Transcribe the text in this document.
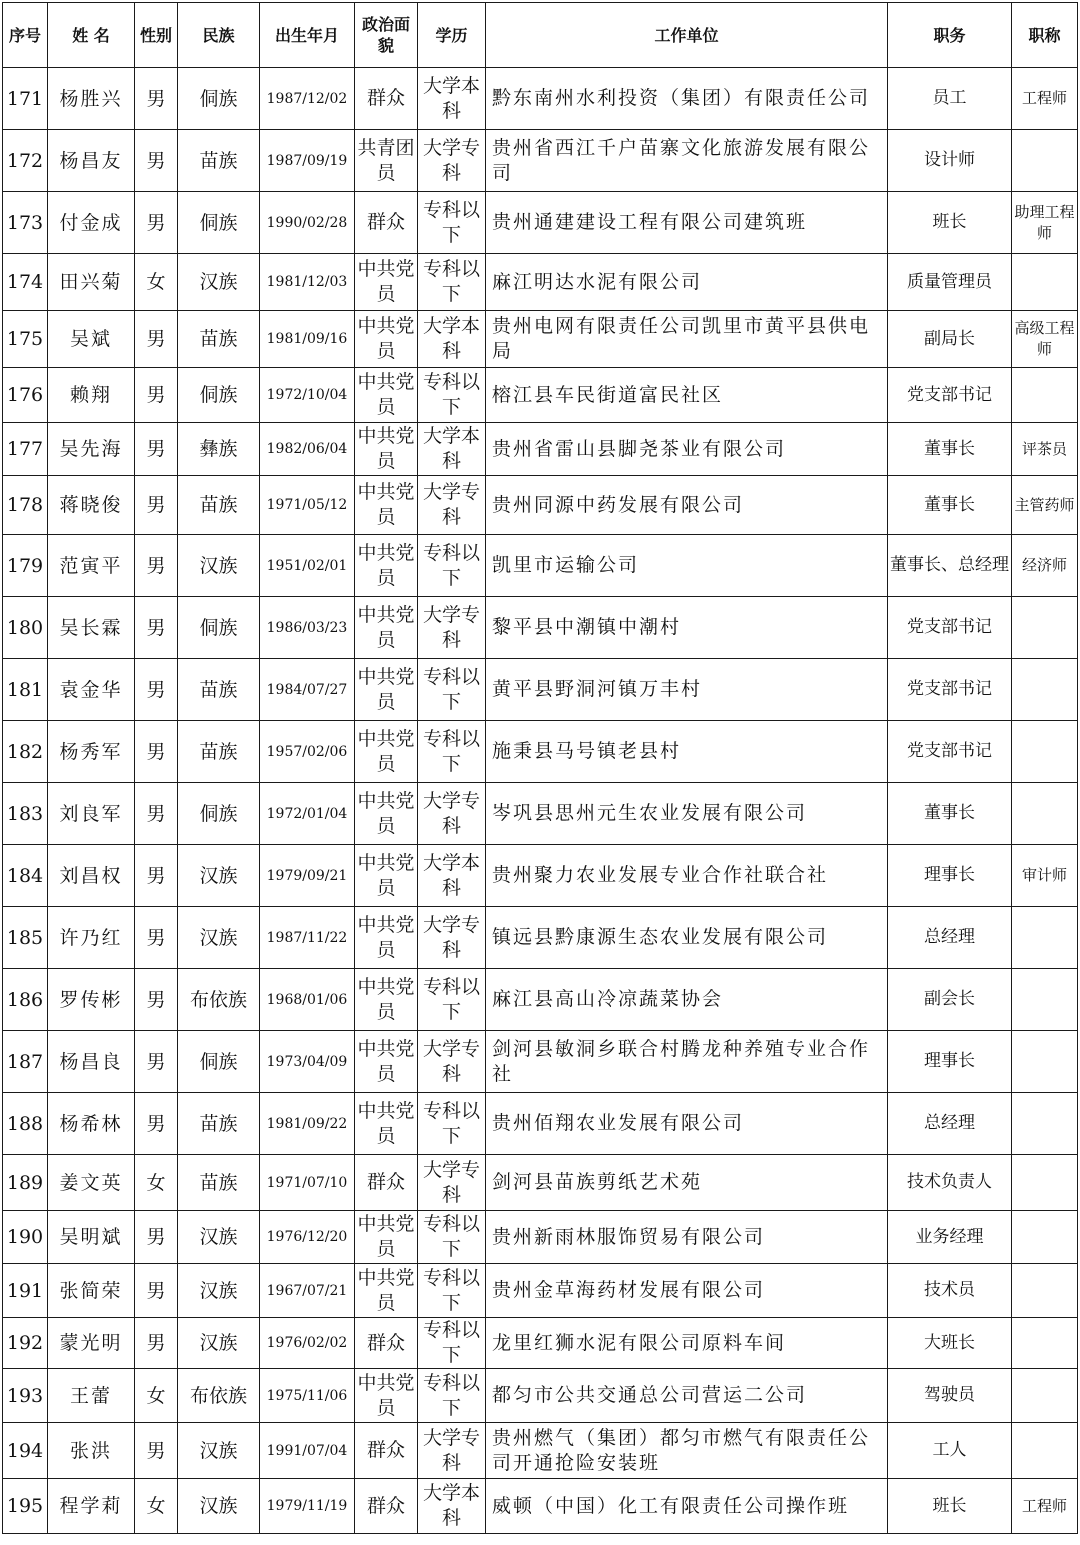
序号	姓 名	性别	民族	出生年月	政治面貌	学历	工作单位	职务	职称
171	杨胜兴	男	侗族	1987/12/02	群众	大学本科	黔东南州水利投资（集团）有限责任公司	员工	工程师
172	杨昌友	男	苗族	1987/09/19	共青团员	大学专科	贵州省西江千户苗寨文化旅游发展有限公司	设计师	
173	付金成	男	侗族	1990/02/28	群众	专科以下	贵州通建建设工程有限公司建筑班	班长	助理工程师
174	田兴菊	女	汉族	1981/12/03	中共党员	专科以下	麻江明达水泥有限公司	质量管理员	
175	吴斌	男	苗族	1981/09/16	中共党员	大学本科	贵州电网有限责任公司凯里市黄平县供电局	副局长	高级工程师
176	赖翔	男	侗族	1972/10/04	中共党员	专科以下	榕江县车民街道富民社区	党支部书记	
177	吴先海	男	彝族	1982/06/04	中共党员	大学本科	贵州省雷山县脚尧茶业有限公司	董事长	评茶员
178	蒋晓俊	男	苗族	1971/05/12	中共党员	大学专科	贵州同源中药发展有限公司	董事长	主管药师
179	范寅平	男	汉族	1951/02/01	中共党员	专科以下	凯里市运输公司	董事长、总经理	经济师
180	吴长霖	男	侗族	1986/03/23	中共党员	大学专科	黎平县中潮镇中潮村	党支部书记	
181	袁金华	男	苗族	1984/07/27	中共党员	专科以下	黄平县野洞河镇万丰村	党支部书记	
182	杨秀军	男	苗族	1957/02/06	中共党员	专科以下	施秉县马号镇老县村	党支部书记	
183	刘良军	男	侗族	1972/01/04	中共党员	大学专科	岑巩县思州元生农业发展有限公司	董事长	
184	刘昌权	男	汉族	1979/09/21	中共党员	大学本科	贵州聚力农业发展专业合作社联合社	理事长	审计师
185	许乃红	男	汉族	1987/11/22	中共党员	大学专科	镇远县黔康源生态农业发展有限公司	总经理	
186	罗传彬	男	布依族	1968/01/06	中共党员	专科以下	麻江县高山冷凉蔬菜协会	副会长	
187	杨昌良	男	侗族	1973/04/09	中共党员	大学专科	剑河县敏洞乡联合村腾龙种养殖专业合作社	理事长	
188	杨希林	男	苗族	1981/09/22	中共党员	专科以下	贵州佰翔农业发展有限公司	总经理	
189	姜文英	女	苗族	1971/07/10	群众	大学专科	剑河县苗族剪纸艺术苑	技术负责人	
190	吴明斌	男	汉族	1976/12/20	中共党员	专科以下	贵州新雨林服饰贸易有限公司	业务经理	
191	张简荣	男	汉族	1967/07/21	中共党员	专科以下	贵州金草海药材发展有限公司	技术员	
192	蒙光明	男	汉族	1976/02/02	群众	专科以下	龙里红狮水泥有限公司原料车间	大班长	
193	王蕾	女	布依族	1975/11/06	中共党员	专科以下	都匀市公共交通总公司营运二公司	驾驶员	
194	张洪	男	汉族	1991/07/04	群众	大学专科	贵州燃气（集团）都匀市燃气有限责任公司开通抢险安装班	工人	
195	程学莉	女	汉族	1979/11/19	群众	大学本科	威顿（中国）化工有限责任公司操作班	班长	工程师
